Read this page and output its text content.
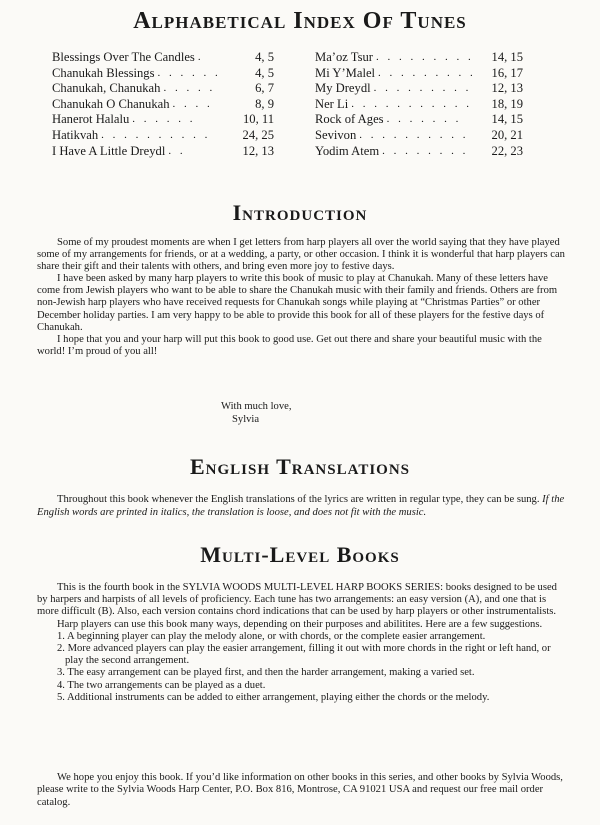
Alphabetical Index Of Tunes
Blessings Over The Candles .	4, 5
Chanukah Blessings . . . . . .	4, 5
Chanukah, Chanukah . . . . .	6, 7
Chanukah O Chanukah . . . .	8, 9
Hanerot Halalu . . . . . .	10, 11
Hatikvah . . . . . . . . . .	24, 25
I Have A Little Dreydl . .	12, 13
Ma’oz Tsur . . . . . . . . .	14, 15
Mi Y’Malel . . . . . . . . .	16, 17
My Dreydl . . . . . . . . .	12, 13
Ner Li . . . . . . . . . . .	18, 19
Rock of Ages . . . . . . .	14, 15
Sevivon . . . . . . . . . .	20, 21
Yodim Atem . . . . . . . .	22, 23
Introduction

Some of my proudest moments are when I get letters from harp players all over the world saying that they have played some of my arrangements for friends, or at a wedding, a party, or other occasion. I think it is wonderful that harp players can share their gift and their talents with others, and bring even more joy to festive days.

I have been asked by many harp players to write this book of music to play at Chanukah. Many of these letters have come from Jewish players who want to be able to share the Chanukah music with their family and friends. Others are from non-Jewish harp players who have received requests for Chanukah songs while playing at “Christmas Parties” or other December holiday parties. I am very happy to be able to provide this book for all of these players for the festive days of Chanukah.

I hope that you and your harp will put this book to good use. Get out there and share your beautiful music with the world! I’m proud of you all!

With much love,
Sylvia
English Translations

Throughout this book whenever the English translations of the lyrics are written in regular type, they can be sung. If the English words are printed in italics, the translation is loose, and does not fit with the music.

Multi-Level Books

This is the fourth book in the SYLVIA WOODS MULTI-LEVEL HARP BOOKS SERIES: books designed to be used by harpers and harpists of all levels of proficiency. Each tune has two arrangements: an easy version (A), and one that is more difficult (B). Also, each version contains chord indications that can be used by harp players or other instrumentalists.

Harp players can use this book many ways, depending on their purposes and abilitites. Here are a few suggestions.

1. A beginning player can play the melody alone, or with chords, or the complete easier arrangement.
2. More advanced players can play the easier arrangement, filling it out with more chords in the right or left hand, or play the second arrangement.
3. The easy arrangement can be played first, and then the harder arrangement, making a varied set.
4. The two arrangements can be played as a duet.
5. Additional instruments can be added to either arrangement, playing either the chords or the melody.

We hope you enjoy this book. If you’d like information on other books in this series, and other books by Sylvia Woods, please write to the Sylvia Woods Harp Center, P.O. Box 816, Montrose, CA 91021 USA and request our free mail order catalog.
